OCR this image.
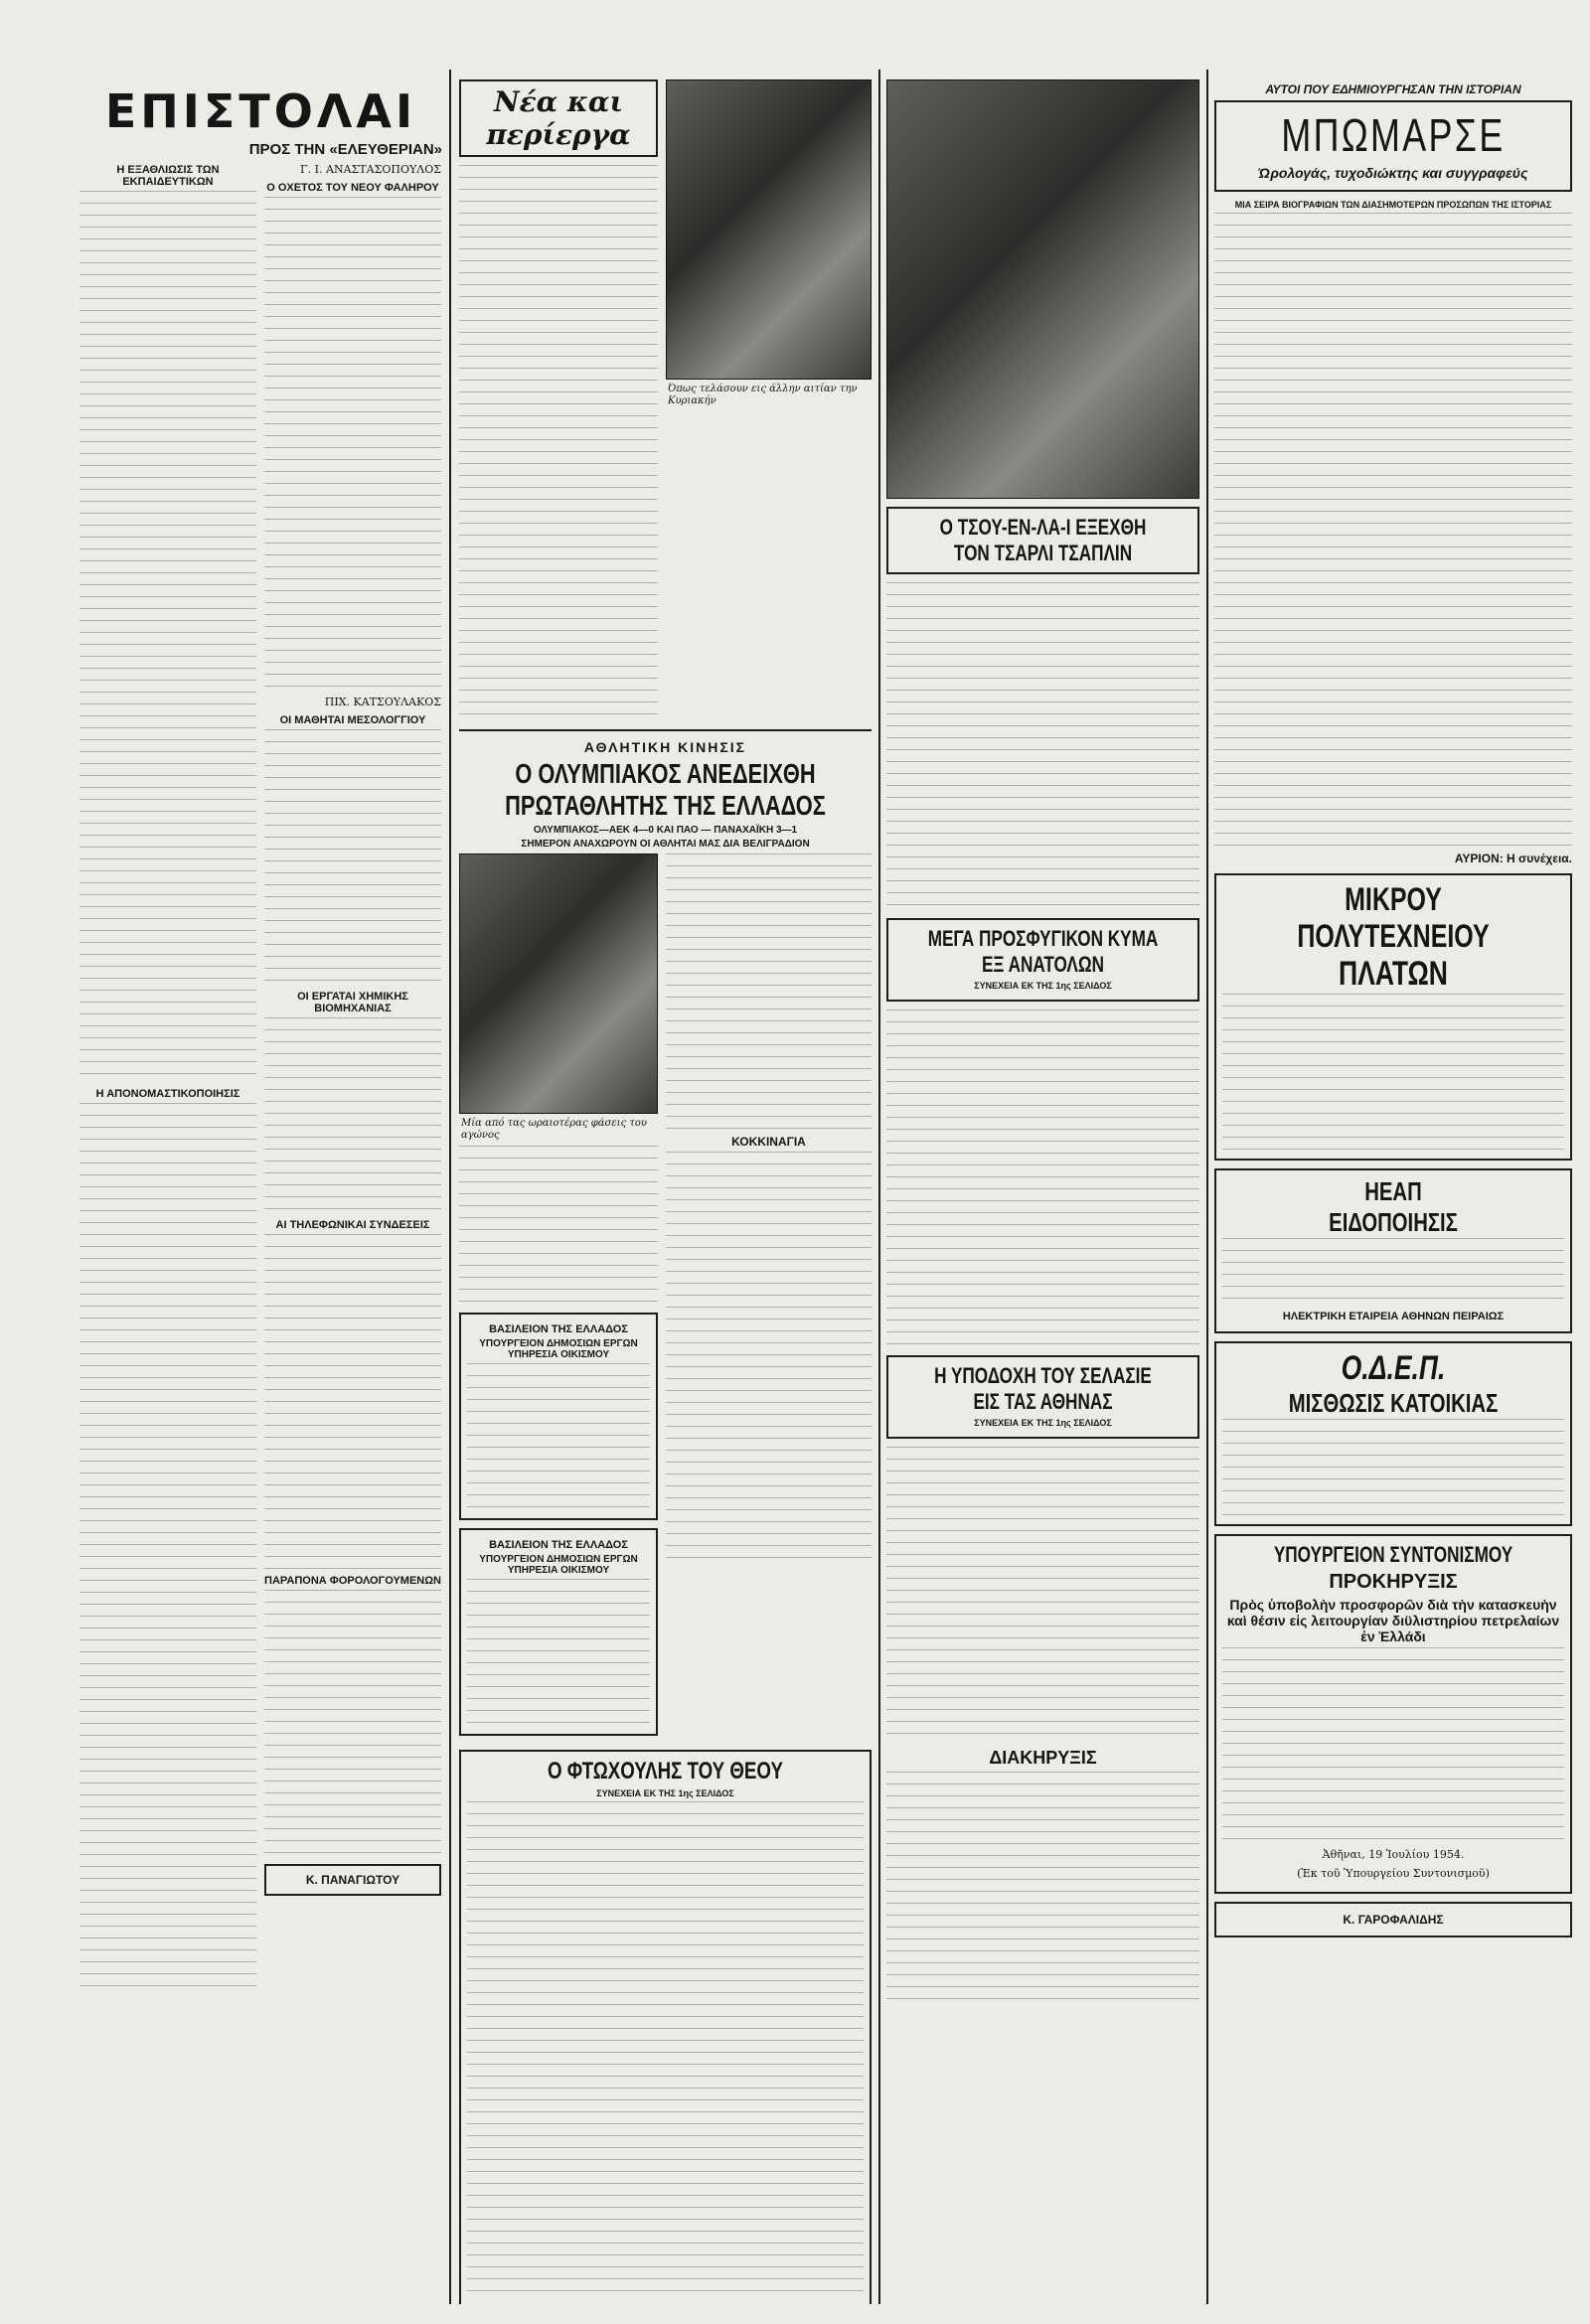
ΕΠΙΣΤΟΛΑΙ
ΠΡΟΣ ΤΗΝ «ΕΛΕΥΘΕΡΙΑΝ»
Η ΕΞΑΘΛΙΩΣΙΣ ΤΩΝ ΕΚΠΑΙΔΕΥΤΙΚΩΝ
Η ΑΠΟΝΟΜΑΣΤΙΚΟΠΟΙΗΣΙΣ
Γ. Ι. ΑΝΑΣΤΑΣΟΠΟΥΛΟΣ
Ο ΟΧΕΤΟΣ ΤΟΥ ΝΕΟΥ ΦΑΛΗΡΟΥ
ΠΙΧ. ΚΑΤΣΟΥΛΑΚΟΣ
ΟΙ ΜΑΘΗΤΑΙ ΜΕΣΟΛΟΓΓΙΟΥ
ΟΙ ΕΡΓΑΤΑΙ ΧΗΜΙΚΗΣ ΒΙΟΜΗΧΑΝΙΑΣ
ΑΙ ΤΗΛΕΦΩΝΙΚΑΙ ΣΥΝΔΕΣΕΙΣ
ΠΑΡΑΠΟΝΑ ΦΟΡΟΛΟΓΟΥΜΕΝΩΝ
Κ. ΠΑΝΑΓΙΩΤΟΥ
Νέα και περίεργα
Όπως τελάσουν εις άλλην αιτίαν την Κυριακήν
ΑΘΛΗΤΙΚΗ ΚΙΝΗΣΙΣ
Ο ΟΛΥΜΠΙΑΚΟΣ ΑΝΕΔΕΙΧΘΗ ΠΡΩΤΑΘΛΗΤΗΣ ΤΗΣ ΕΛΛΑΔΟΣ
ΟΛΥΜΠΙΑΚΟΣ—ΑΕΚ 4—0 ΚΑΙ ΠΑΟ — ΠΑΝΑΧΑΪΚΗ 3—1
ΣΗΜΕΡΟΝ ΑΝΑΧΩΡΟΥΝ ΟΙ ΑΘΛΗΤΑΙ ΜΑΣ ΔΙΑ ΒΕΛΙΓΡΑΔΙΟΝ
Μία από τας ωραιοτέρας φάσεις του αγώνος
ΒΑΣΙΛΕΙΟΝ ΤΗΣ ΕΛΛΑΔΟΣ
ΥΠΟΥΡΓΕΙΟΝ ΔΗΜΟΣΙΩΝ ΕΡΓΩΝ ΥΠΗΡΕΣΙΑ ΟΙΚΙΣΜΟΥ
ΒΑΣΙΛΕΙΟΝ ΤΗΣ ΕΛΛΑΔΟΣ
ΥΠΟΥΡΓΕΙΟΝ ΔΗΜΟΣΙΩΝ ΕΡΓΩΝ ΥΠΗΡΕΣΙΑ ΟΙΚΙΣΜΟΥ
ΚΟΚΚΙΝΑΓΙΑ
Ο ΦΤΩΧΟΥΛΗΣ ΤΟΥ ΘΕΟΥ
ΣΥΝΕΧΕΙΑ ΕΚ ΤΗΣ 1ης ΣΕΛΙΔΟΣ
Ο ΤΣΟΥ-ΕΝ-ΛΑ-Ι ΕΞΕΧΘΗ ΤΟΝ ΤΣΑΡΛΙ ΤΣΑΠΛΙΝ
ΜΕΓΑ ΠΡΟΣΦΥΓΙΚΟΝ ΚΥΜΑ ΕΞ ΑΝΑΤΟΛΩΝ
ΣΥΝΕΧΕΙΑ ΕΚ ΤΗΣ 1ης ΣΕΛΙΔΟΣ
Η ΥΠΟΔΟΧΗ ΤΟΥ ΣΕΛΑΣΙΕ ΕΙΣ ΤΑΣ ΑΘΗΝΑΣ
ΣΥΝΕΧΕΙΑ ΕΚ ΤΗΣ 1ης ΣΕΛΙΔΟΣ
ΔΙΑΚΗΡΥΞΙΣ
ΑΥΤΟΙ ΠΟΥ ΕΔΗΜΙΟΥΡΓΗΣΑΝ ΤΗΝ ΙΣΤΟΡΙΑΝ
ΜΠΩΜΑΡΣΕ
Ώρολογάς, τυχοδιώκτης και συγγραφεύς
ΜΙΑ ΣΕΙΡΑ ΒΙΟΓΡΑΦΙΩΝ ΤΩΝ ΔΙΑΣΗΜΟΤΕΡΩΝ ΠΡΟΣΩΠΩΝ ΤΗΣ ΙΣΤΟΡΙΑΣ
ΑΥΡΙΟΝ: Η συνέχεια.
ΜΙΚΡΟΥ ΠΟΛΥΤΕΧΝΕΙΟΥ
ΠΛΑΤΩΝ
ΗΕΑΠ
ΕΙΔΟΠΟΙΗΣΙΣ
ΗΛΕΚΤΡΙΚΗ ΕΤΑΙΡΕΙΑ ΑΘΗΝΩΝ ΠΕΙΡΑΙΩΣ
Ο.Δ.Ε.Π.
ΜΙΣΘΩΣΙΣ ΚΑΤΟΙΚΙΑΣ
ΥΠΟΥΡΓΕΙΟΝ ΣΥΝΤΟΝΙΣΜΟΥ
ΠΡΟΚΗΡΥΞΙΣ
Πρὸς ὑποβολὴν προσφορῶν διὰ τὴν κατασκευὴν καὶ θέσιν εἰς λειτουργίαν διϋλιστηρίου πετρελαίων ἐν Ἑλλάδι
Ἀθῆναι, 19 Ἰουλίου 1954.
(Ἐκ τοῦ Ὑπουργείου Συντονισμοῦ)
Κ. ΓΑΡΟΦΑΛΙΔΗΣ
